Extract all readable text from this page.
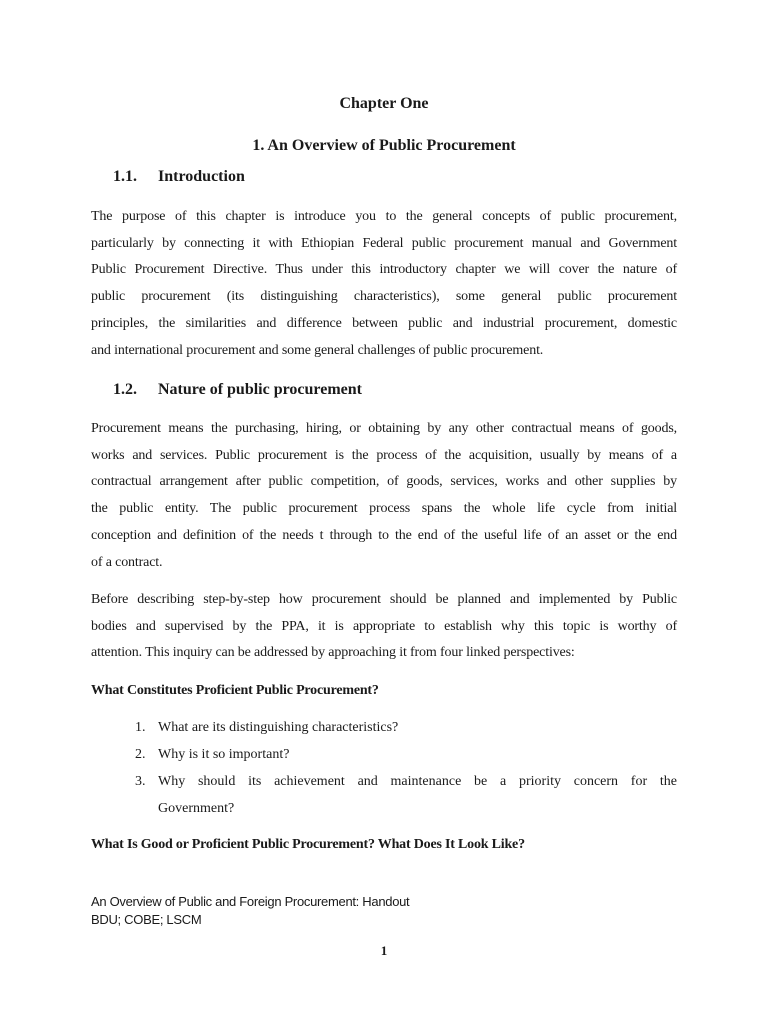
Chapter One
1. An Overview of Public Procurement
1.1. Introduction

The purpose of this chapter is introduce you to the general concepts of public procurement,
particularly by connecting it with Ethiopian Federal public procurement manual and Government
Public Procurement Directive. Thus under this introductory chapter we will cover the nature of
public procurement (its distinguishing characteristics), some general public procurement
principles, the similarities and difference between public and industrial procurement, domestic
and international procurement and some general challenges of public procurement.

1.2. Nature of public procurement

Procurement means the purchasing, hiring, or obtaining by any other contractual means of goods,
works and services. Public procurement is the process of the acquisition, usually by means of a
contractual arrangement after public competition, of goods, services, works and other supplies by
the public entity. The public procurement process spans the whole life cycle from initial
conception and definition of the needs t through to the end of the useful life of an asset or the end
of a contract.

Before describing step-by-step how procurement should be planned and implemented by Public
bodies and supervised by the PPA, it is appropriate to establish why this topic is worthy of
attention. This inquiry can be addressed by approaching it from four linked perspectives:

What Constitutes Proficient Public Procurement?

1. What are its distinguishing characteristics?
2. Why is it so important?
3. Why should its achievement and maintenance be a priority concern for the
Government?

What Is Good or Proficient Public Procurement? What Does It Look Like?

An Overview of Public and Foreign Procurement: Handout
BDU; COBE; LSCM
1
